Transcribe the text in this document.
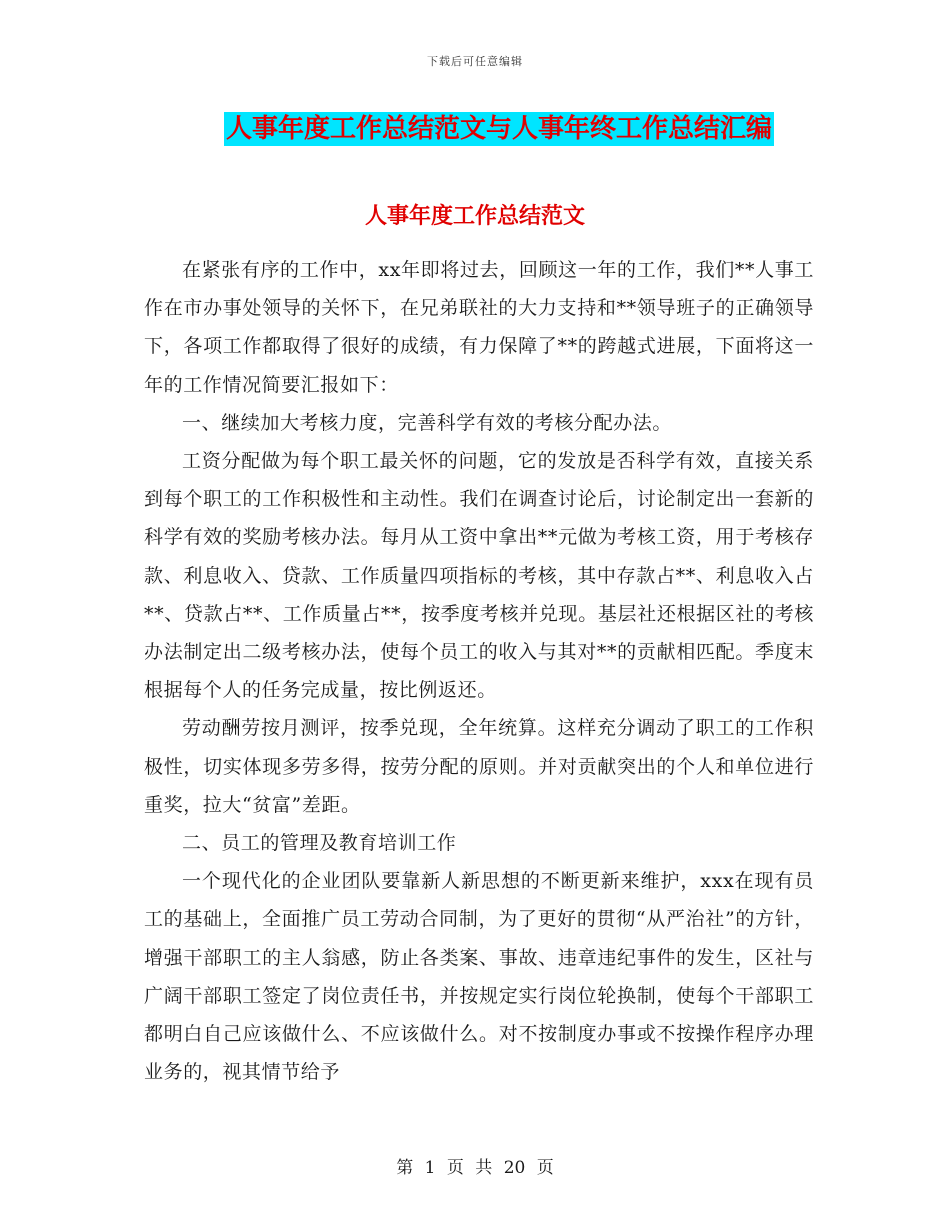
下载后可任意编辑
人事年度工作总结范文与人事年终工作总结汇编
人事年度工作总结范文

在紧张有序的工作中，xx年即将过去，回顾这一年的工作，我们**人事工作在市办事处领导的关怀下，在兄弟联社的大力支持和**领导班子的正确领导下，各项工作都取得了很好的成绩，有力保障了**的跨越式进展，下面将这一年的工作情况简要汇报如下：

一、继续加大考核力度，完善科学有效的考核分配办法。

工资分配做为每个职工最关怀的问题，它的发放是否科学有效，直接关系到每个职工的工作积极性和主动性。我们在调查讨论后，讨论制定出一套新的科学有效的奖励考核办法。每月从工资中拿出**元做为考核工资，用于考核存款、利息收入、贷款、工作质量四项指标的考核，其中存款占**、利息收入占**、贷款占**、工作质量占**，按季度考核并兑现。基层社还根据区社的考核办法制定出二级考核办法，使每个员工的收入与其对**的贡献相匹配。季度末根据每个人的任务完成量，按比例返还。

劳动酬劳按月测评，按季兑现，全年统算。这样充分调动了职工的工作积极性，切实体现多劳多得，按劳分配的原则。并对贡献突出的个人和单位进行重奖，拉大“贫富”差距。

二、员工的管理及教育培训工作

一个现代化的企业团队要靠新人新思想的不断更新来维护，xxx在现有员工的基础上，全面推广员工劳动合同制，为了更好的贯彻“从严治社”的方针，增强干部职工的主人翁感，防止各类案、事故、违章违纪事件的发生，区社与广阔干部职工签定了岗位责任书，并按规定实行岗位轮换制，使每个干部职工都明白自己应该做什么、不应该做什么。对不按制度办事或不按操作程序办理业务的，视其情节给予

第 1 页 共 20 页
